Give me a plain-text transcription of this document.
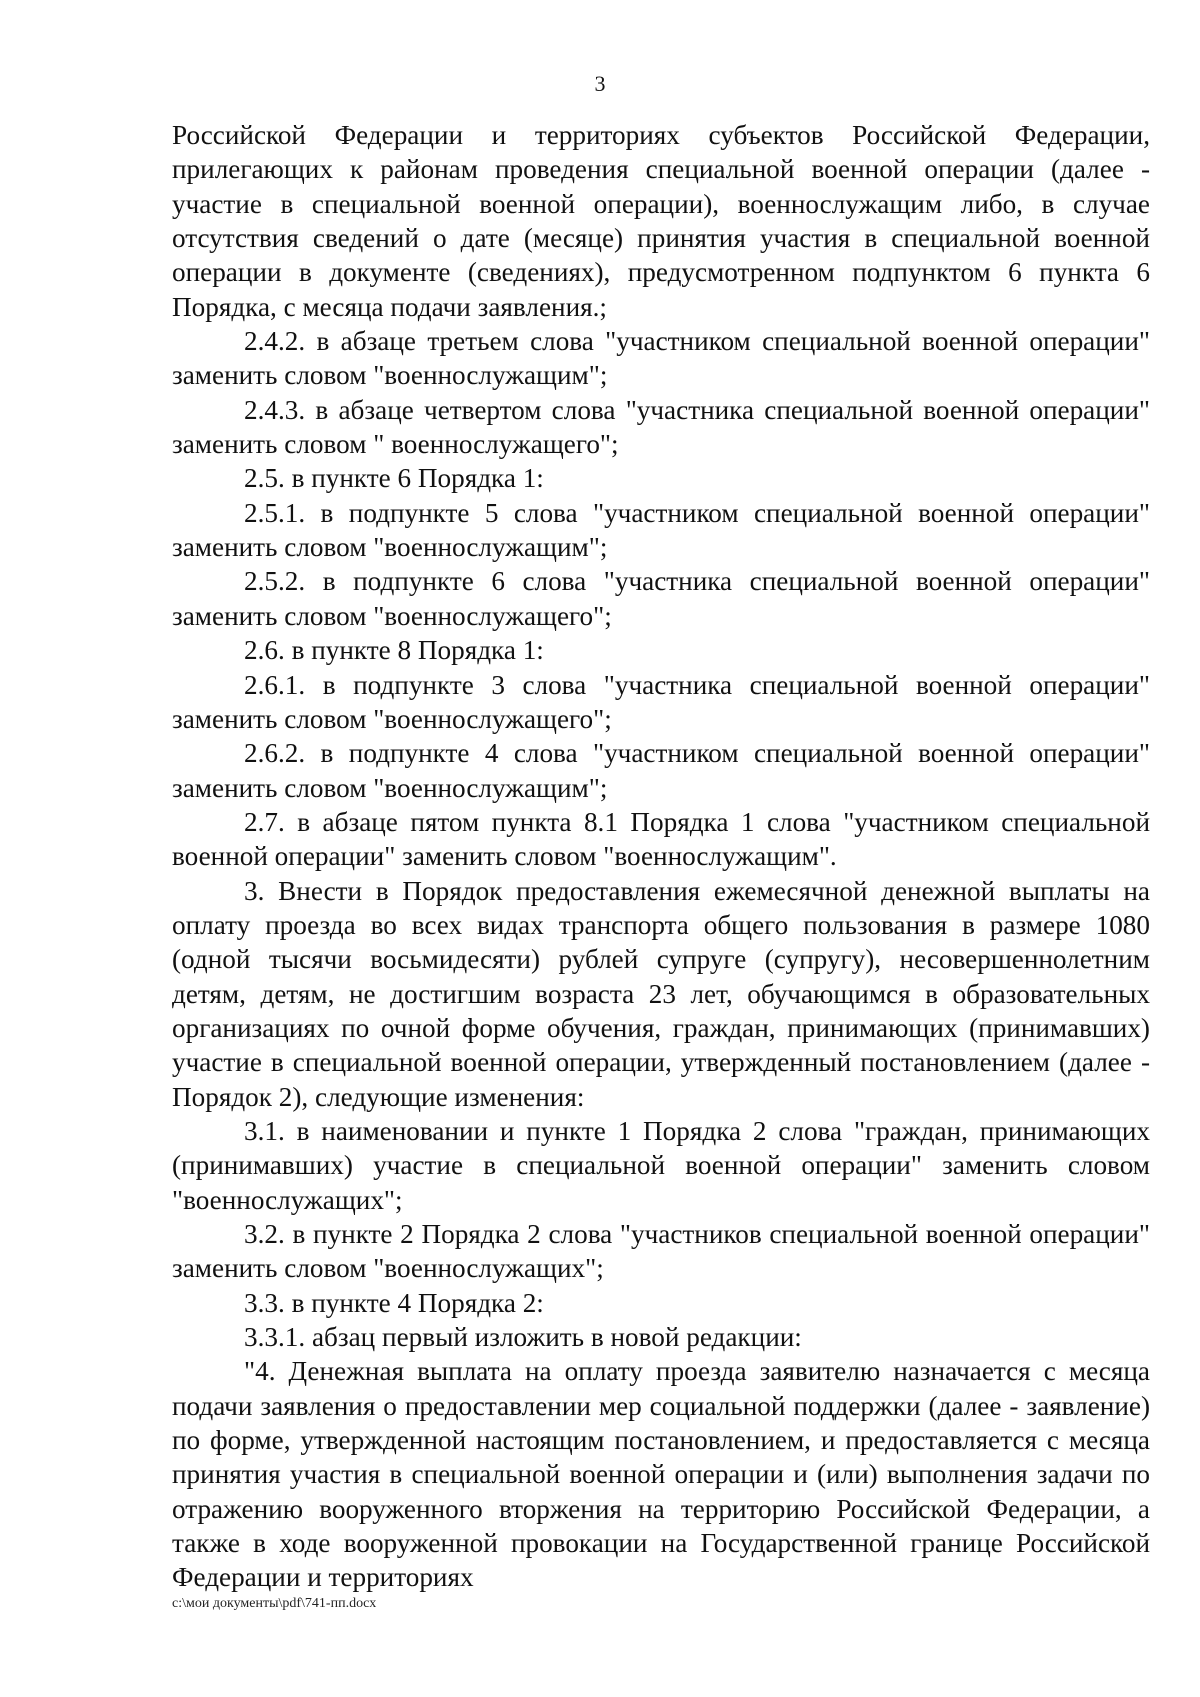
3

Российской Федерации и территориях субъектов Российской Федерации, прилегающих к районам проведения специальной военной операции (далее - участие в специальной военной операции), военнослужащим либо, в случае отсутствия сведений о дате (месяце) принятия участия в специальной военной операции в документе (сведениях), предусмотренном подпунктом 6 пункта 6 Порядка, с месяца подачи заявления.;

2.4.2. в абзаце третьем слова "участником специальной военной операции" заменить словом "военнослужащим";

2.4.3. в абзаце четвертом слова "участника специальной военной операции" заменить словом " военнослужащего";

2.5. в пункте 6 Порядка 1:

2.5.1. в подпункте 5 слова "участником специальной военной операции" заменить словом "военнослужащим";

2.5.2. в подпункте 6 слова "участника специальной военной операции" заменить словом "военнослужащего";

2.6. в пункте 8 Порядка 1:

2.6.1. в подпункте 3 слова "участника специальной военной операции" заменить словом "военнослужащего";

2.6.2. в подпункте 4 слова "участником специальной военной операции" заменить словом "военнослужащим";

2.7. в абзаце пятом пункта 8.1 Порядка 1 слова "участником специальной военной операции" заменить словом "военнослужащим".

3. Внести в Порядок предоставления ежемесячной денежной выплаты на оплату проезда во всех видах транспорта общего пользования в размере 1080 (одной тысячи восьмидесяти) рублей супруге (супругу), несовершеннолетним детям, детям, не достигшим возраста 23 лет, обучающимся в образовательных организациях по очной форме обучения, граждан, принимающих (принимавших) участие в специальной военной операции, утвержденный постановлением (далее - Порядок 2), следующие изменения:

3.1. в наименовании и пункте 1 Порядка 2 слова "граждан, принимающих (принимавших) участие в специальной военной операции" заменить словом "военнослужащих";

3.2. в пункте 2 Порядка 2 слова "участников специальной военной операции" заменить словом "военнослужащих";

3.3. в пункте 4 Порядка 2:

3.3.1. абзац первый изложить в новой редакции:

"4. Денежная выплата на оплату проезда заявителю назначается с месяца подачи заявления о предоставлении мер социальной поддержки (далее - заявление) по форме, утвержденной настоящим постановлением, и предоставляется с месяца принятия участия в специальной военной операции и (или) выполнения задачи по отражению вооруженного вторжения на территорию Российской Федерации, а также в ходе вооруженной провокации на Государственной границе Российской Федерации и территориях

c:\мои документы\pdf\741-пп.docx
